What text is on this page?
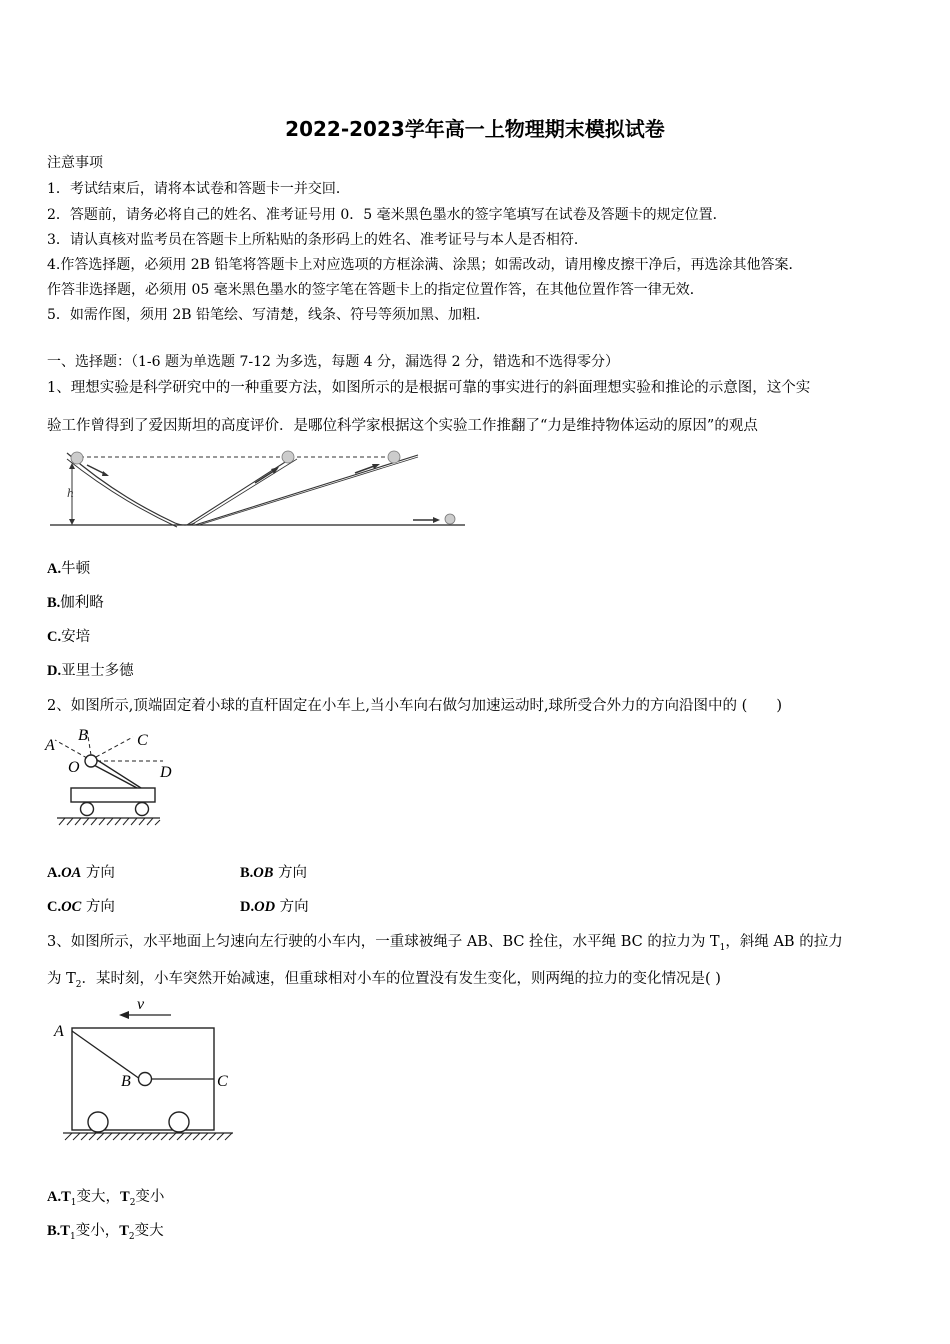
2022-2023学年高一上物理期末模拟试卷
注意事项
1．考试结束后，请将本试卷和答题卡一并交回．
2．答题前，请务必将自己的姓名、准考证号用 0．5 毫米黑色墨水的签字笔填写在试卷及答题卡的规定位置．
3．请认真核对监考员在答题卡上所粘贴的条形码上的姓名、准考证号与本人是否相符．
4.作答选择题，必须用 2B 铅笔将答题卡上对应选项的方框涂满、涂黑；如需改动，请用橡皮擦干净后，再选涂其他答案．
作答非选择题，必须用 05 毫米黑色墨水的签字笔在答题卡上的指定位置作答，在其他位置作答一律无效．
5．如需作图，须用 2B 铅笔绘、写清楚，线条、符号等须加黑、加粗．
一、选择题：（1-6 题为单选题 7-12 为多选，每题 4 分，漏选得 2 分，错选和不选得零分）
1、理想实验是科学研究中的一种重要方法，如图所示的是根据可靠的事实进行的斜面理想实验和推论的示意图，这个实
验工作曾得到了爱因斯坦的高度评价．是哪位科学家根据这个实验工作推翻了“力是维持物体运动的原因”的观点
h
A.牛顿
B.伽利略
C.安培
D.亚里士多德
2、如图所示,顶端固定着小球的直杆固定在小车上,当小车向右做匀加速运动时,球所受合外力的方向沿图中的 (　　)
A
B	C
O	D
A.OA 方向	B.OB 方向
C.OC 方向	D.OD 方向
3、如图所示，水平地面上匀速向左行驶的小车内，一重球被绳子 AB、BC 拴住，水平绳 BC 的拉力为 $T_1$，斜绳 AB 的拉力
为 $T_2$．某时刻，小车突然开始减速，但重球相对小车的位置没有发生变化，则两绳的拉力的变化情况是( )
v
A
B	C
$A.T_1$变大，$T_2$变小
$B.T_1$变小，$T_2$变大
